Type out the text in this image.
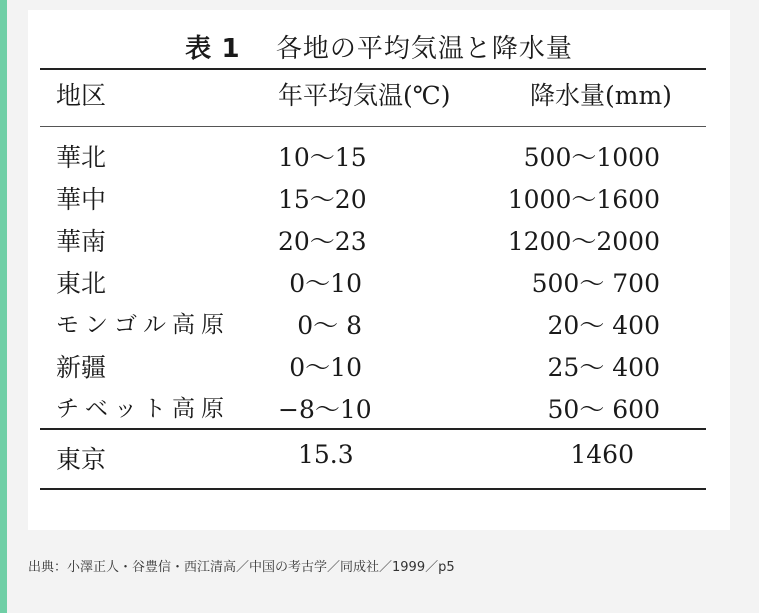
表 1 各地の平均気温と降水量
地区	年平均気温(℃)	降水量(mm)
華北	10〜15	500〜1000
華中	15〜20	1000〜1600
華南	20〜23	1200〜2000
東北	0〜10	500〜 700
モンゴル高原	0〜 8	20〜 400
新疆	0〜10	25〜 400
チベット高原 −8〜10	50〜 600
東京	15.3	1460
出典：小澤正人・谷豊信・西江清高／中国の考古学／同成社／1999／p5
